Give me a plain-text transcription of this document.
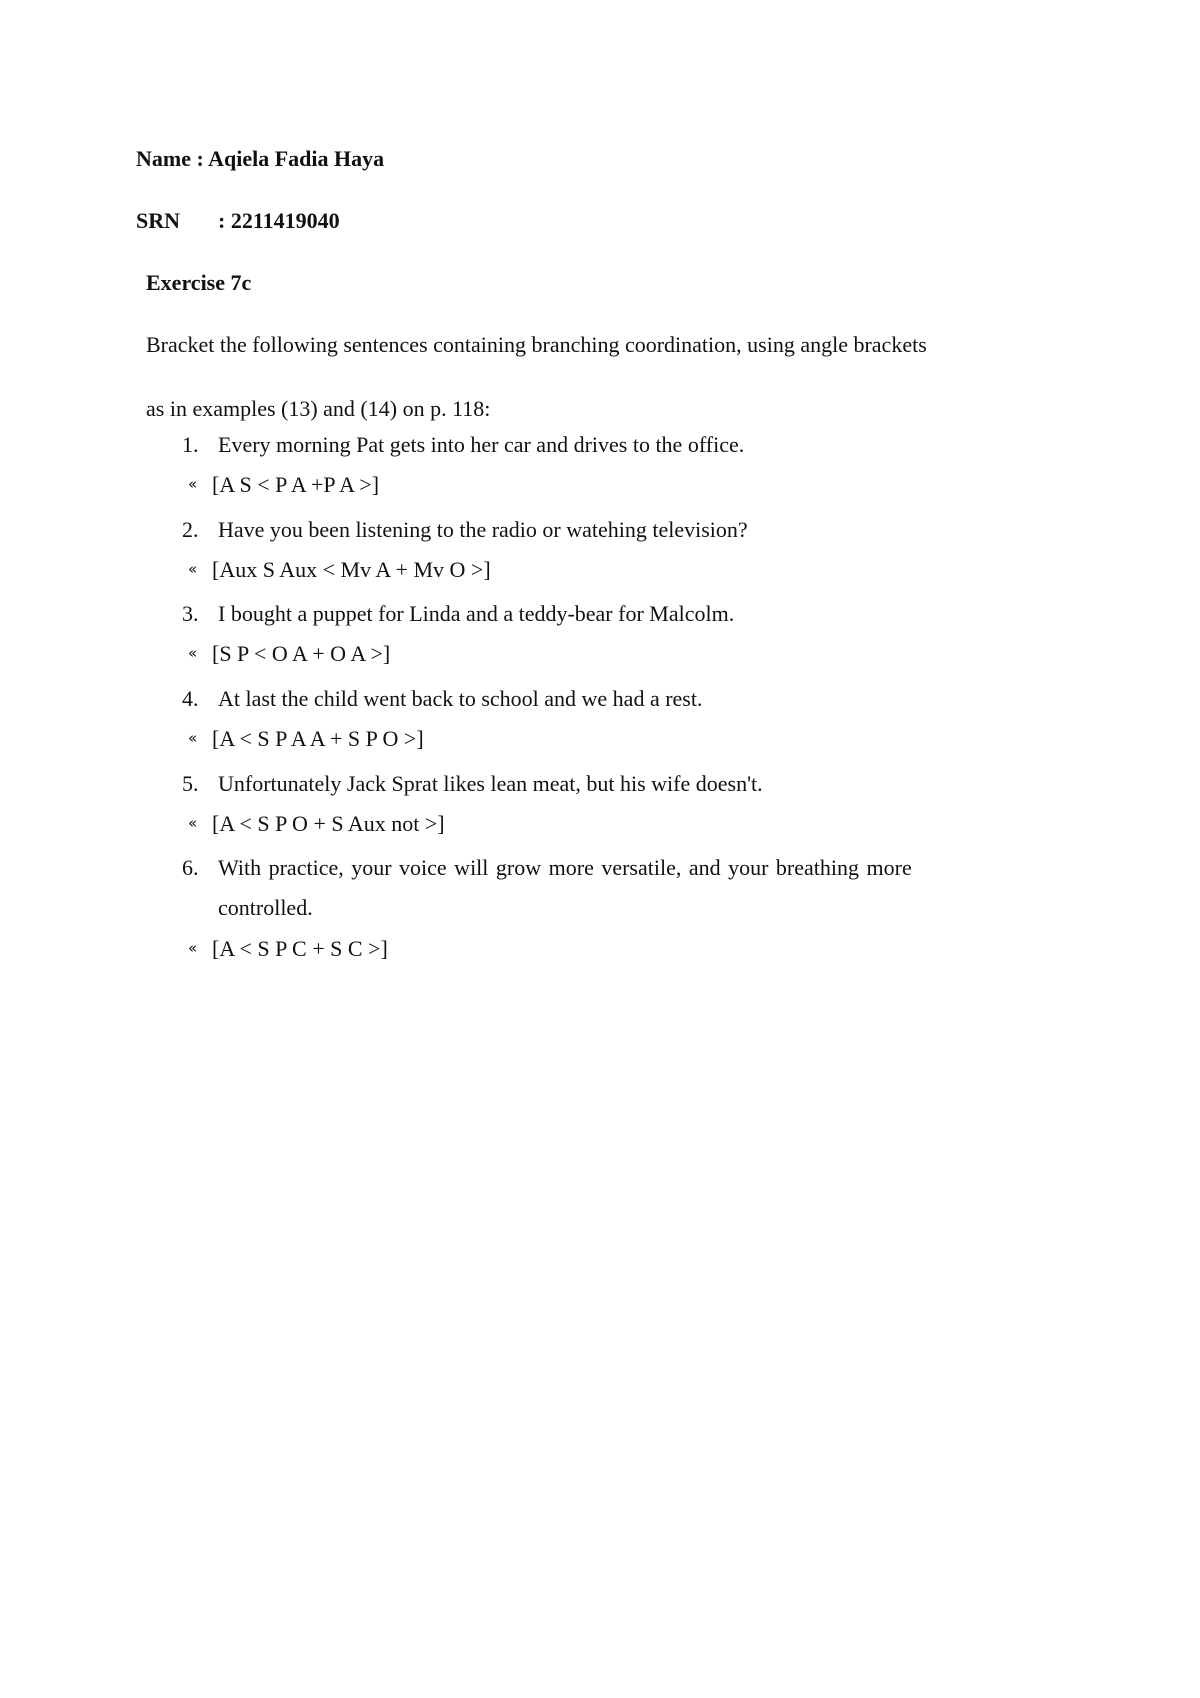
Name : Aqiela Fadia Haya
SRN : 2211419040
Exercise 7c
Bracket the following sentences containing branching coordination, using angle brackets
as in examples (13) and (14) on p. 118:
1. Every morning Pat gets into her car and drives to the office.
« [A S < P A +P A >]
2. Have you been listening to the radio or watehing television?
« [Aux S Aux < Mv A + Mv O >]
3. I bought a puppet for Linda and a teddy-bear for Malcolm.
« [S P < O A + O A >]
4. At last the child went back to school and we had a rest.
« [A < S P A A + S P O >]
5. Unfortunately Jack Sprat likes lean meat, but his wife doesn't.
« [A < S P O + S Aux not >]
6. With practice, your voice will grow more versatile, and your breathing more
controlled.
« [A < S P C + S C >]
